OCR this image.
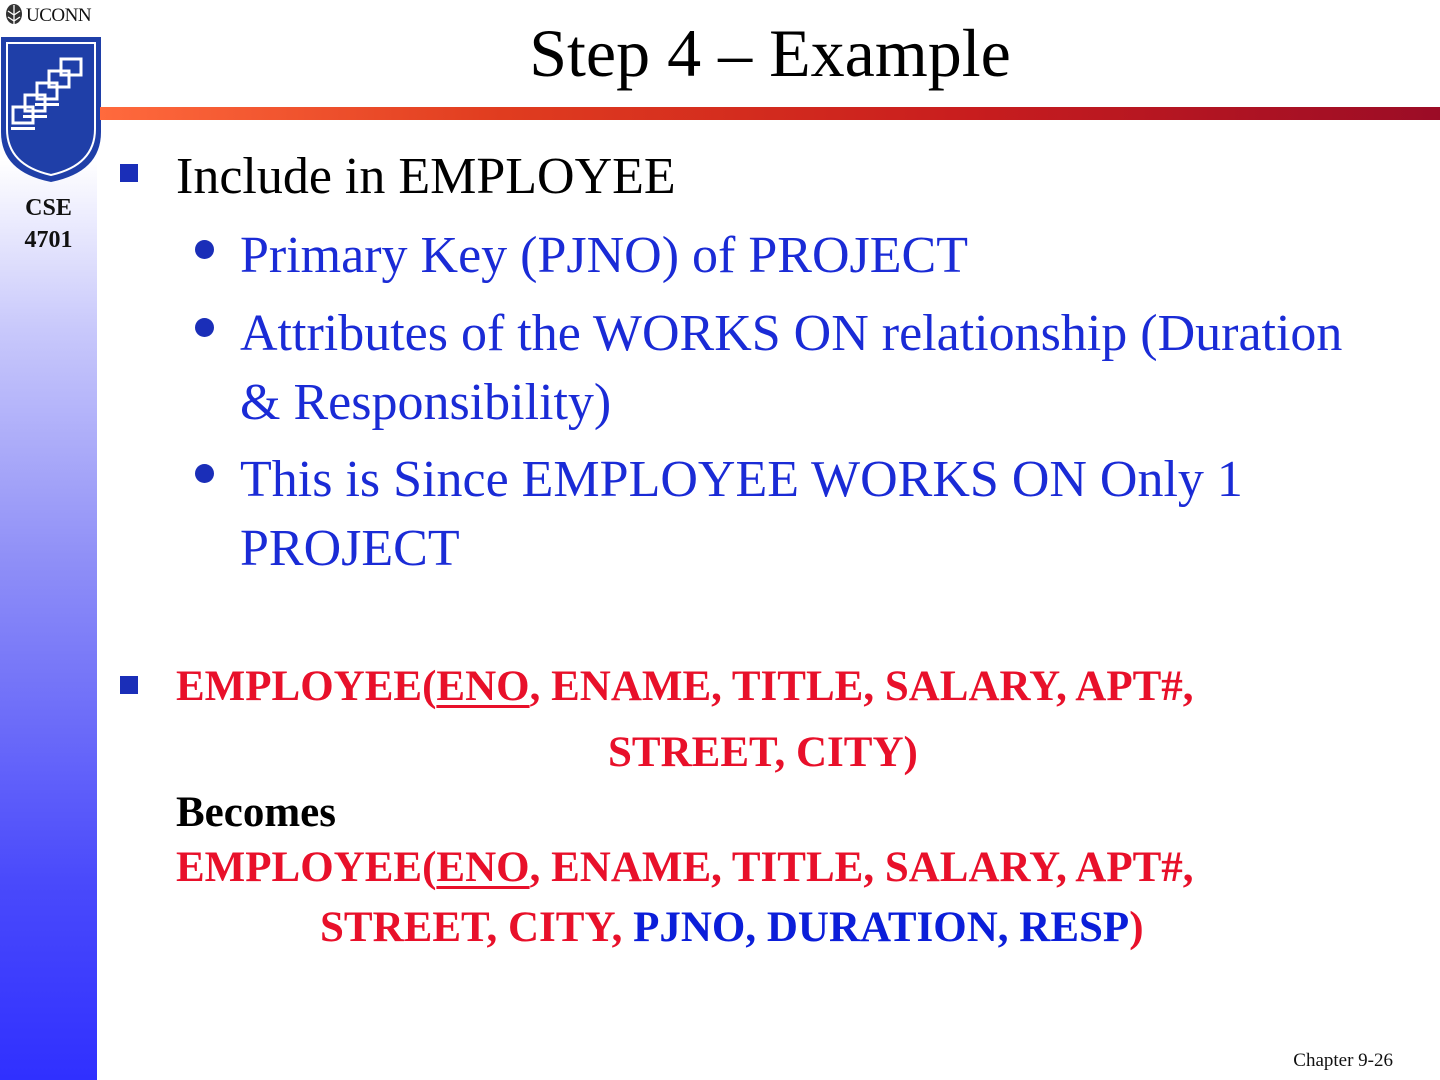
UCONN
CSE
4701
Step 4 – Example
Include in EMPLOYEE
Primary Key (PJNO) of PROJECT
Attributes of the WORKS ON relationship (Duration & Responsibility)
This is Since EMPLOYEE WORKS ON Only 1 PROJECT
EMPLOYEE(ENO, ENAME, TITLE, SALARY, APT#,
STREET, CITY)
Becomes
EMPLOYEE(ENO, ENAME, TITLE, SALARY, APT#,
STREET, CITY, PJNO, DURATION, RESP)
Chapter 9-26
